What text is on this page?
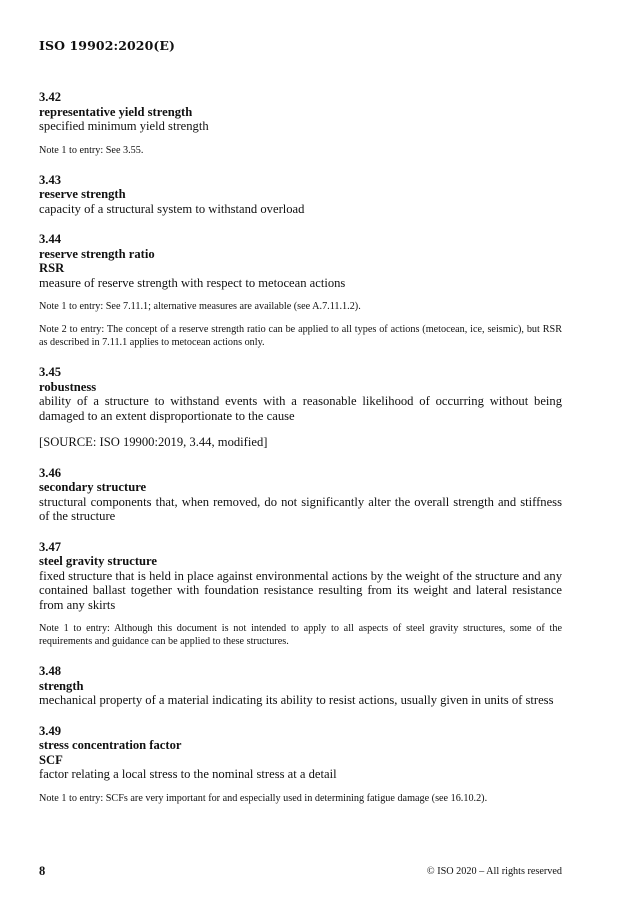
ISO 19902:2020(E)
3.42
representative yield strength
specified minimum yield strength
Note 1 to entry: See 3.55.
3.43
reserve strength
capacity of a structural system to withstand overload
3.44
reserve strength ratio
RSR
measure of reserve strength with respect to metocean actions
Note 1 to entry: See 7.11.1; alternative measures are available (see A.7.11.1.2).
Note 2 to entry: The concept of a reserve strength ratio can be applied to all types of actions (metocean, ice, seismic), but RSR as described in 7.11.1 applies to metocean actions only.
3.45
robustness
ability of a structure to withstand events with a reasonable likelihood of occurring without being damaged to an extent disproportionate to the cause
[SOURCE: ISO 19900:2019, 3.44, modified]
3.46
secondary structure
structural components that, when removed, do not significantly alter the overall strength and stiffness of the structure
3.47
steel gravity structure
fixed structure that is held in place against environmental actions by the weight of the structure and any contained ballast together with foundation resistance resulting from its weight and lateral resistance from any skirts
Note 1 to entry: Although this document is not intended to apply to all aspects of steel gravity structures, some of the requirements and guidance can be applied to these structures.
3.48
strength
mechanical property of a material indicating its ability to resist actions, usually given in units of stress
3.49
stress concentration factor
SCF
factor relating a local stress to the nominal stress at a detail
Note 1 to entry: SCFs are very important for and especially used in determining fatigue damage (see 16.10.2).
8	© ISO 2020 – All rights reserved
